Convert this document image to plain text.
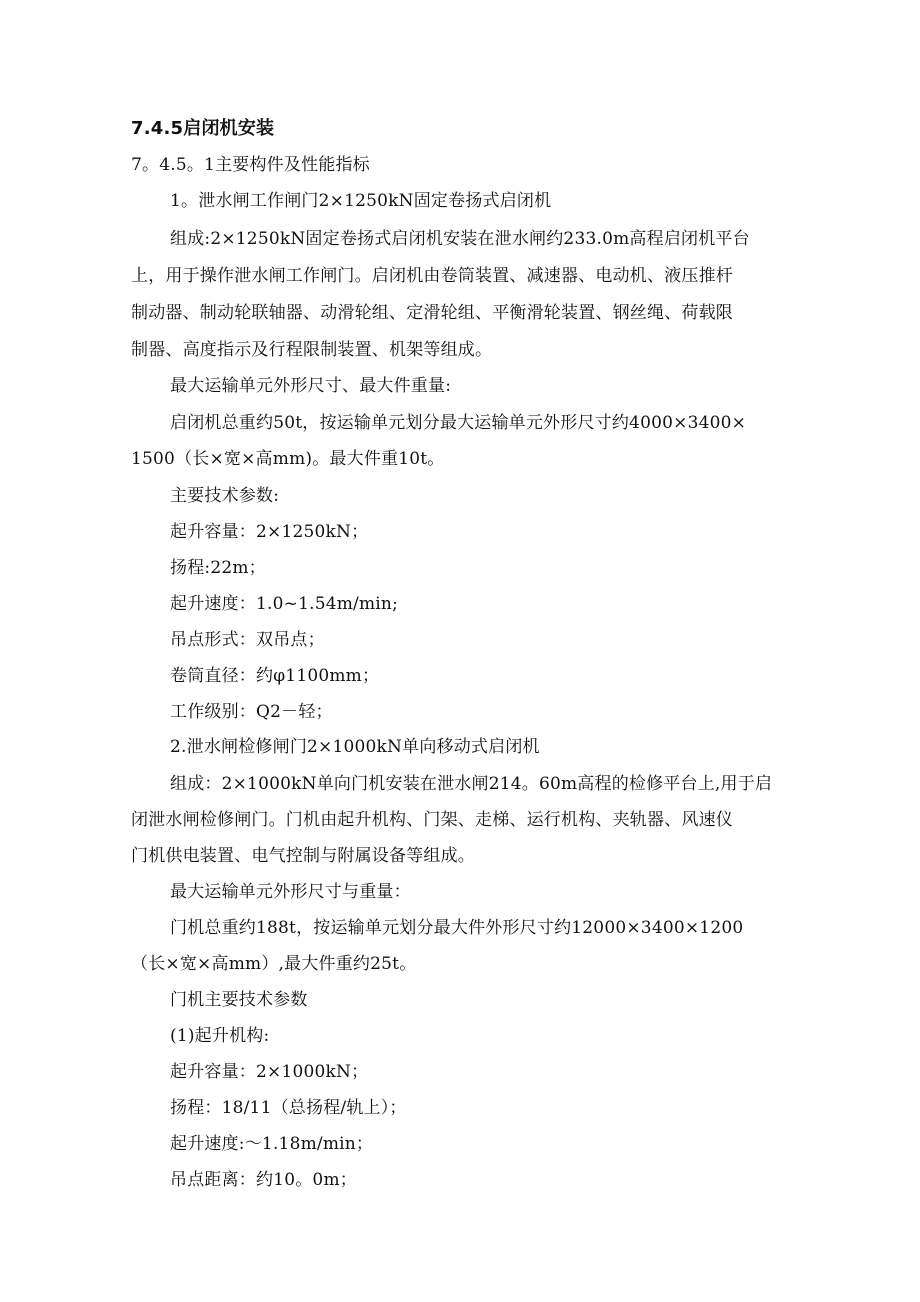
7.4.5启闭机安装
7。4.5。1主要构件及性能指标
1。泄水闸工作闸门2×1250kN固定卷扬式启闭机
组成:2×1250kN固定卷扬式启闭机安装在泄水闸约233.0m高程启闭机平台
上，用于操作泄水闸工作闸门。启闭机由卷筒装置、减速器、电动机、液压推杆
制动器、制动轮联轴器、动滑轮组、定滑轮组、平衡滑轮装置、钢丝绳、荷载限
制器、高度指示及行程限制装置、机架等组成。
最大运输单元外形尺寸、最大件重量:
启闭机总重约50t，按运输单元划分最大运输单元外形尺寸约4000×3400×
1500（长×宽×高mm)。最大件重10t。
主要技术参数:
起升容量：2×1250kN；
扬程:22m；
起升速度：1.0~1.54m/min;
吊点形式：双吊点；
卷筒直径：约φ1100mm；
工作级别：Q2－轻；
2.泄水闸检修闸门2×1000kN单向移动式启闭机
组成：2×1000kN单向门机安装在泄水闸214。60m高程的检修平台上,用于启
闭泄水闸检修闸门。门机由起升机构、门架、走梯、运行机构、夹轨器、风速仪
门机供电装置、电气控制与附属设备等组成。
最大运输单元外形尺寸与重量：
门机总重约188t，按运输单元划分最大件外形尺寸约12000×3400×1200
（长×宽×高mm）,最大件重约25t。
门机主要技术参数
(1)起升机构:
起升容量：2×1000kN；
扬程：18/11（总扬程/轨上）；
起升速度:～1.18m/min；
吊点距离：约10。0m；
